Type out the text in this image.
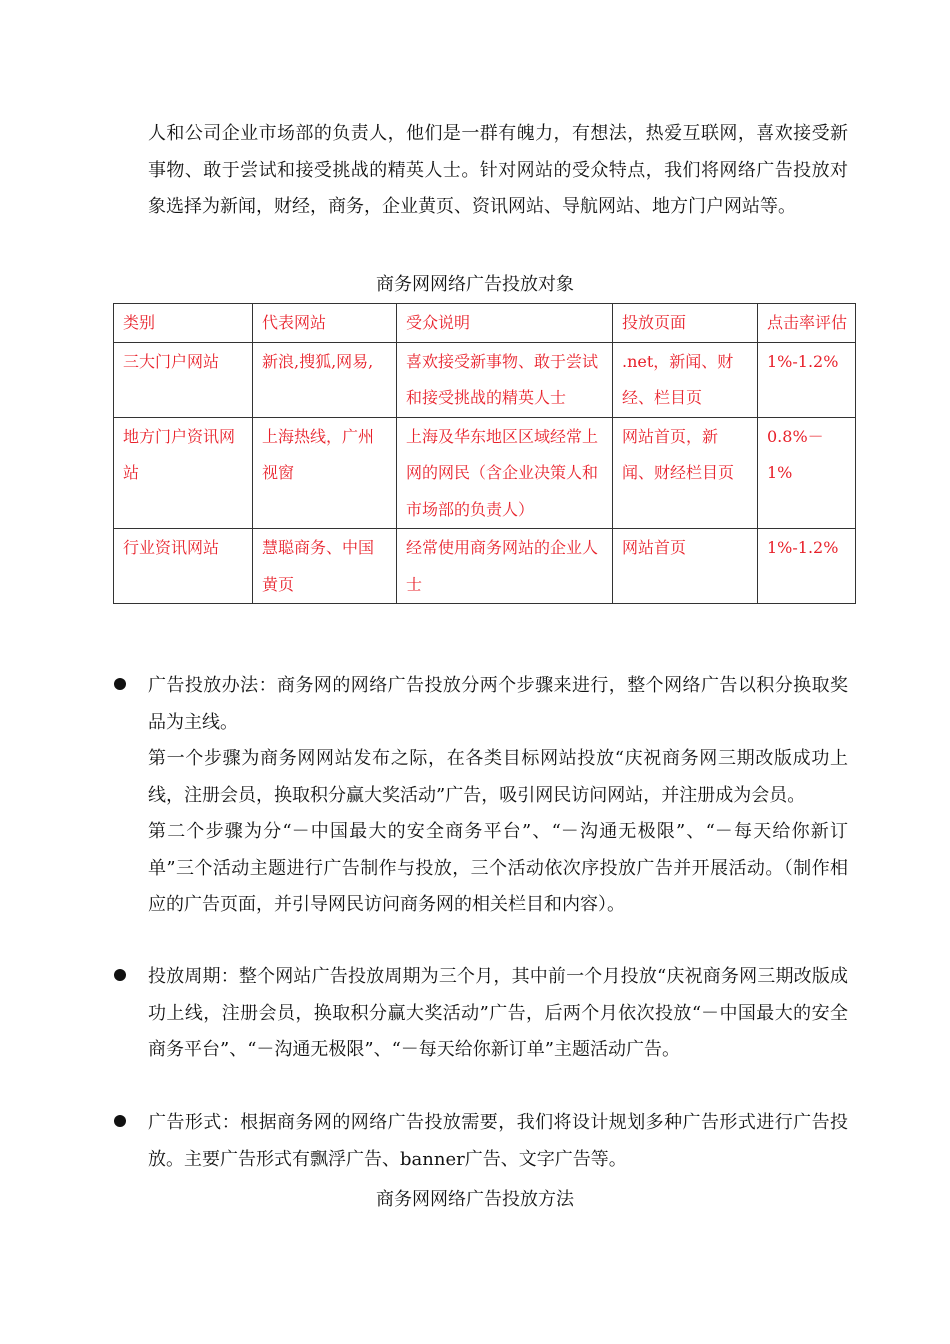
人和公司企业市场部的负责人，他们是一群有魄力，有想法，热爱互联网，喜欢接受新事物、敢于尝试和接受挑战的精英人士。针对网站的受众特点，我们将网络广告投放对象选择为新闻，财经，商务，企业黄页、资讯网站、导航网站、地方门户网站等。

商务网网络广告投放对象

类别	代表网站	受众说明	投放页面	点击率评估
三大门户网站	新浪,搜狐,网易,	喜欢接受新事物、敢于尝试和接受挑战的精英人士	.net，新闻、财经、栏目页	1%-1.2%
地方门户资讯网站	上海热线，广州视窗	上海及华东地区区域经常上网的网民（含企业决策人和市场部的负责人）	网站首页，新闻、财经栏目页	0.8%－1%
行业资讯网站	慧聪商务、中国黄页	经常使用商务网站的企业人士	网站首页	1%-1.2%

广告投放办法：商务网的网络广告投放分两个步骤来进行，整个网络广告以积分换取奖品为主线。

第一个步骤为商务网网站发布之际，在各类目标网站投放“庆祝商务网三期改版成功上线，注册会员，换取积分赢大奖活动”广告，吸引网民访问网站，并注册成为会员。

第二个步骤为分“－中国最大的安全商务平台”、“－沟通无极限”、“－每天给你新订单”三个活动主题进行广告制作与投放，三个活动依次序投放广告并开展活动。（制作相应的广告页面，并引导网民访问商务网的相关栏目和内容）。

投放周期：整个网站广告投放周期为三个月，其中前一个月投放“庆祝商务网三期改版成功上线，注册会员，换取积分赢大奖活动”广告，后两个月依次投放“－中国最大的安全商务平台”、“－沟通无极限”、“－每天给你新订单”主题活动广告。

广告形式：根据商务网的网络广告投放需要，我们将设计规划多种广告形式进行广告投放。主要广告形式有飘浮广告、banner广告、文字广告等。

商务网网络广告投放方法
